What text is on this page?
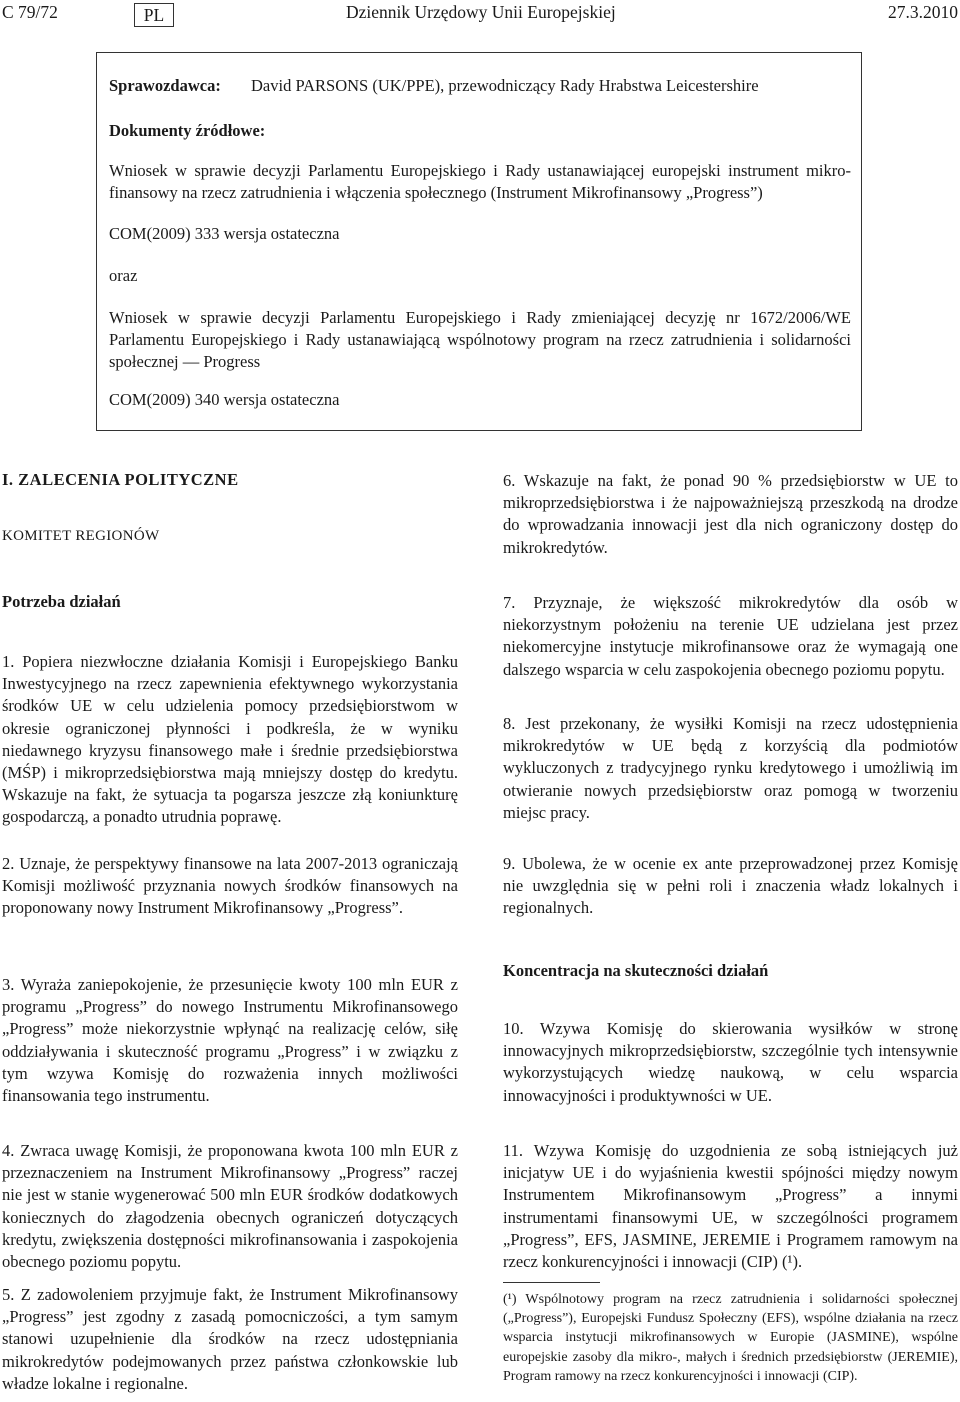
C 79/72	PL	Dziennik Urzędowy Unii Europejskiej	27.3.2010
Sprawozdawca: David PARSONS (UK/PPE), przewodniczący Rady Hrabstwa Leicestershire
Dokumenty źródłowe:
Wniosek w sprawie decyzji Parlamentu Europejskiego i Rady ustanawiającej europejski instrument mikro-finansowy na rzecz zatrudnienia i włączenia społecznego (Instrument Mikrofinansowy „Progress”)
COM(2009) 333 wersja ostateczna
oraz
Wniosek w sprawie decyzji Parlamentu Europejskiego i Rady zmieniającej decyzję nr 1672/2006/WE Parlamentu Europejskiego i Rady ustanawiającą wspólnotowy program na rzecz zatrudnienia i solidarności społecznej — Progress
COM(2009) 340 wersja ostateczna
I. ZALECENIA POLITYCZNE
KOMITET REGIONÓW
Potrzeba działań
1. Popiera niezwłoczne działania Komisji i Europejskiego Banku Inwestycyjnego na rzecz zapewnienia efektywnego wykorzystania środków UE w celu udzielenia pomocy przedsiębiorstwom w okresie ograniczonej płynności i podkreśla, że w wyniku niedawnego kryzysu finansowego małe i średnie przedsiębiorstwa (MŚP) i mikroprzedsiębiorstwa mają mniejszy dostęp do kredytu. Wskazuje na fakt, że sytuacja ta pogarsza jeszcze złą koniunkturę gospodarczą, a ponadto utrudnia poprawę.
2. Uznaje, że perspektywy finansowe na lata 2007-2013 ograniczają Komisji możliwość przyznania nowych środków finansowych na proponowany nowy Instrument Mikrofinansowy „Progress”.
3. Wyraża zaniepokojenie, że przesunięcie kwoty 100 mln EUR z programu „Progress” do nowego Instrumentu Mikrofinansowego „Progress” może niekorzystnie wpłynąć na realizację celów, siłę oddziaływania i skuteczność programu „Progress” i w związku z tym wzywa Komisję do rozważenia innych możliwości finansowania tego instrumentu.
4. Zwraca uwagę Komisji, że proponowana kwota 100 mln EUR z przeznaczeniem na Instrument Mikrofinansowy „Progress” raczej nie jest w stanie wygenerować 500 mln EUR środków dodatkowych koniecznych do złagodzenia obecnych ograniczeń dotyczących kredytu, zwiększenia dostępności mikrofinansowania i zaspokojenia obecnego poziomu popytu.
5. Z zadowoleniem przyjmuje fakt, że Instrument Mikrofinansowy „Progress” jest zgodny z zasadą pomocniczości, a tym samym stanowi uzupełnienie dla środków na rzecz udostępniania mikrokredytów podejmowanych przez państwa członkowskie lub władze lokalne i regionalne.
6. Wskazuje na fakt, że ponad 90 % przedsiębiorstw w UE to mikroprzedsiębiorstwa i że najpoważniejszą przeszkodą na drodze do wprowadzania innowacji jest dla nich ograniczony dostęp do mikrokredytów.
7. Przyznaje, że większość mikrokredytów dla osób w niekorzystnym położeniu na terenie UE udzielana jest przez niekomercyjne instytucje mikrofinansowe oraz że wymagają one dalszego wsparcia w celu zaspokojenia obecnego poziomu popytu.
8. Jest przekonany, że wysiłki Komisji na rzecz udostępnienia mikrokredytów w UE będą z korzyścią dla podmiotów wykluczonych z tradycyjnego rynku kredytowego i umożliwią im otwieranie nowych przedsiębiorstw oraz pomogą w tworzeniu miejsc pracy.
9. Ubolewa, że w ocenie ex ante przeprowadzonej przez Komisję nie uwzględnia się w pełni roli i znaczenia władz lokalnych i regionalnych.
Koncentracja na skuteczności działań
10. Wzywa Komisję do skierowania wysiłków w stronę innowacyjnych mikroprzedsiębiorstw, szczególnie tych intensywnie wykorzystujących wiedzę naukową, w celu wsparcia innowacyjności i produktywności w UE.
11. Wzywa Komisję do uzgodnienia ze sobą istniejących już inicjatyw UE i do wyjaśnienia kwestii spójności między nowym Instrumentem Mikrofinansowym „Progress” a innymi instrumentami finansowymi UE, w szczególności programem „Progress”, EFS, JASMINE, JEREMIE i Programem ramowym na rzecz konkurencyjności i innowacji (CIP) (¹).
(¹) Wspólnotowy program na rzecz zatrudnienia i solidarności społecznej („Progress”), Europejski Fundusz Społeczny (EFS), wspólne działania na rzecz wsparcia instytucji mikrofinansowych w Europie (JASMINE), wspólne europejskie zasoby dla mikro-, małych i średnich przedsiębiorstw (JEREMIE), Program ramowy na rzecz konkurencyjności i innowacji (CIP).
